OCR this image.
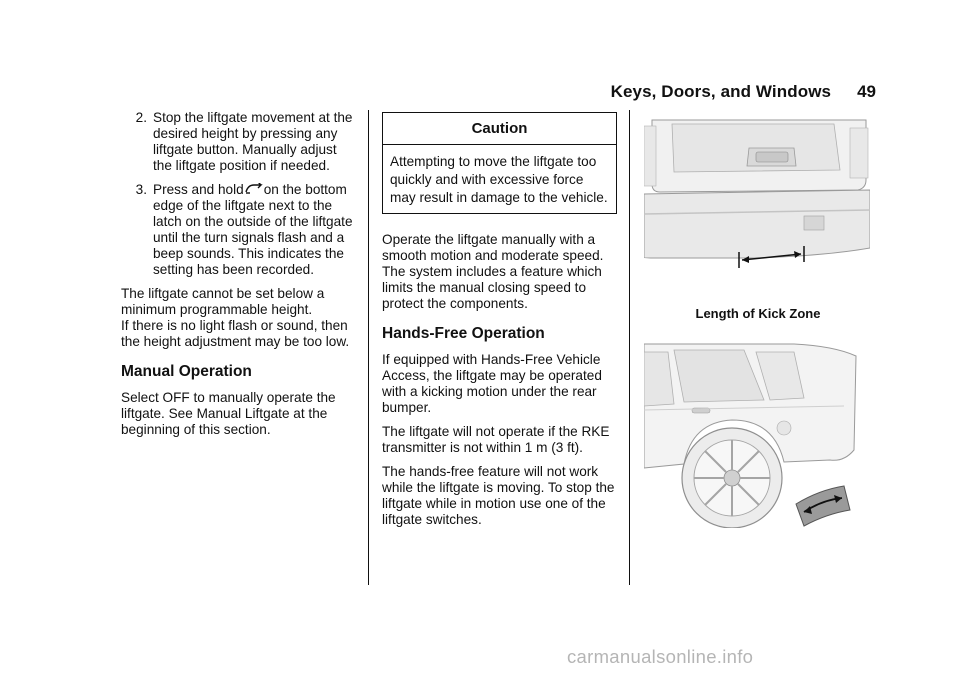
Keys, Doors, and Windows 49
2. Stop the liftgate movement at the desired height by pressing any liftgate button. Manually adjust the liftgate position if needed.
3. Press and hold on the bottom edge of the liftgate next to the latch on the outside of the liftgate until the turn signals flash and a beep sounds. This indicates the setting has been recorded.

The liftgate cannot be set below a minimum programmable height.

If there is no light flash or sound, then the height adjustment may be too low.

Manual Operation

Select OFF to manually operate the liftgate. See Manual Liftgate at the beginning of this section.

Caution
Attempting to move the liftgate too quickly and with excessive force may result in damage to the vehicle.

Operate the liftgate manually with a smooth motion and moderate speed. The system includes a feature which limits the manual closing speed to protect the components.

Hands-Free Operation

If equipped with Hands-Free Vehicle Access, the liftgate may be operated with a kicking motion under the rear bumper.

The liftgate will not operate if the RKE transmitter is not within 1 m (3 ft).

The hands-free feature will not work while the liftgate is moving. To stop the liftgate while in motion use one of the liftgate switches.

Length of Kick Zone
carmanualsonline.info
